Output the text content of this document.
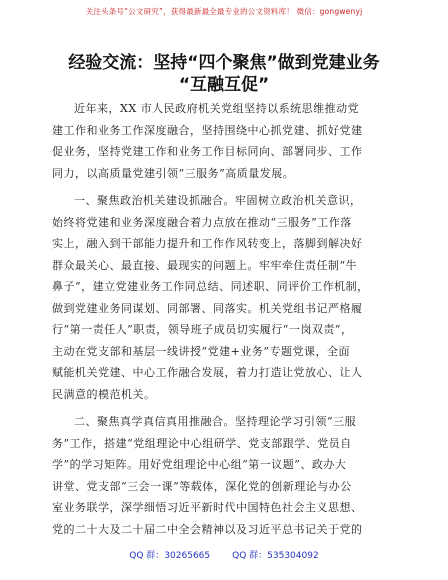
关注头条号“公文研究”，获得最新最全最专业的公文资料库！ 微信：gongwenyj
经验交流：坚持“四个聚焦”做到党建业务
“互融互促”
近年来，XX 市人民政府机关党组坚持以系统思维推动党
建工作和业务工作深度融合，坚持围绕中心抓党建、抓好党建
促业务，坚持党建工作和业务工作目标同向、部署同步、工作
同力，以高质量党建引领“三服务”高质量发展。
一、聚焦政治机关建设抓融合。牢固树立政治机关意识，
始终将党建和业务深度融合着力点放在推动“三服务”工作落
实上，融入到干部能力提升和工作作风转变上，落脚到解决好
群众最关心、最直接、最现实的问题上。牢牢牵住责任制“牛
鼻子”，建立党建业务工作同总结、同述职、同评价工作机制，
做到党建业务同谋划、同部署、同落实。机关党组书记严格履
行“第一责任人”职责，领导班子成员切实履行“一岗双责”，
主动在党支部和基层一线讲授“党建+业务”专题党课，全面
赋能机关党建、中心工作融合发展，着力打造让党放心、让人
民满意的模范机关。
二、聚焦真学真信真用推融合。坚持理论学习引领“三服
务”工作，搭建“党组理论中心组研学、党支部跟学、党员自
学”的学习矩阵。用好党组理论中心组“第一议题”、政办大
讲堂、党支部“三会一课”等载体，深化党的创新理论与办公
室业务联学，深学细悟习近平新时代中国特色社会主义思想、
党的二十大及二十届二中全会精神以及习近平总书记关于党的
QQ 群：30265665 QQ 群：535304092
